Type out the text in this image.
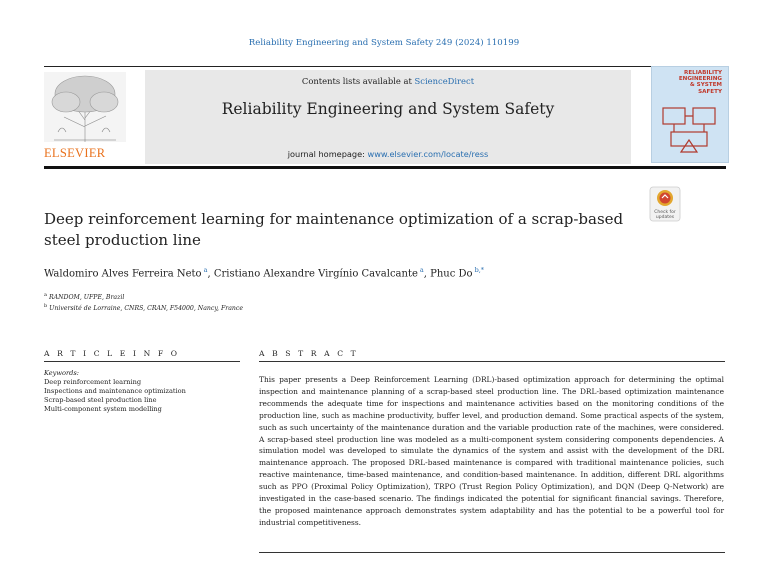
Reliability Engineering and System Safety 249 (2024) 110199
ELSEVIER
Contents lists available at ScienceDirect
Reliability Engineering and System Safety
journal homepage: www.elsevier.com/locate/ress
RELIABILITY
ENGINEERING
& SYSTEM
SAFETY
Deep reinforcement learning for maintenance optimization of a scrap-based steel production line
Check for
updates
Waldomiro Alves Ferreira Neto  $^a$, Cristiano Alexandre Virgínio Cavalcante  $^a$, Phuc Do  $^{b,*}$
$^a$ RANDOM, UFPE, Brazil
$^b$ Université de Lorraine, CNRS, CRAN, F54000, Nancy, France
A R T I C L E I N F O
Keywords:
Deep reinforcement learning
Inspections and maintenance optimization
Scrap-based steel production line
Multi-component system modelling
A B S T R A C T
This paper presents a Deep Reinforcement Learning (DRL)-based optimization approach for determining the optimal inspection and maintenance planning of a scrap-based steel production line. The DRL-based optimization maintenance recommends the adequate time for inspections and maintenance activities based on the monitoring conditions of the production line, such as machine productivity, buffer level, and production demand. Some practical aspects of the system, such as such uncertainty of the maintenance duration and the variable production rate of the machines, were considered. A scrap-based steel production line was modeled as a multi-component system considering components dependencies. A simulation model was developed to simulate the dynamics of the system and assist with the development of the DRL maintenance approach. The proposed DRL-based maintenance is compared with traditional maintenance policies, such reactive maintenance, time-based maintenance, and condition-based maintenance. In addition, different DRL algorithms such as PPO (Proximal Policy Optimization), TRPO (Trust Region Policy Optimization), and DQN (Deep Q-Network) are investigated in the case-based scenario. The findings indicated the potential for significant financial savings. Therefore, the proposed maintenance approach demonstrates system adaptability and has the potential to be a powerful tool for industrial competitiveness.
